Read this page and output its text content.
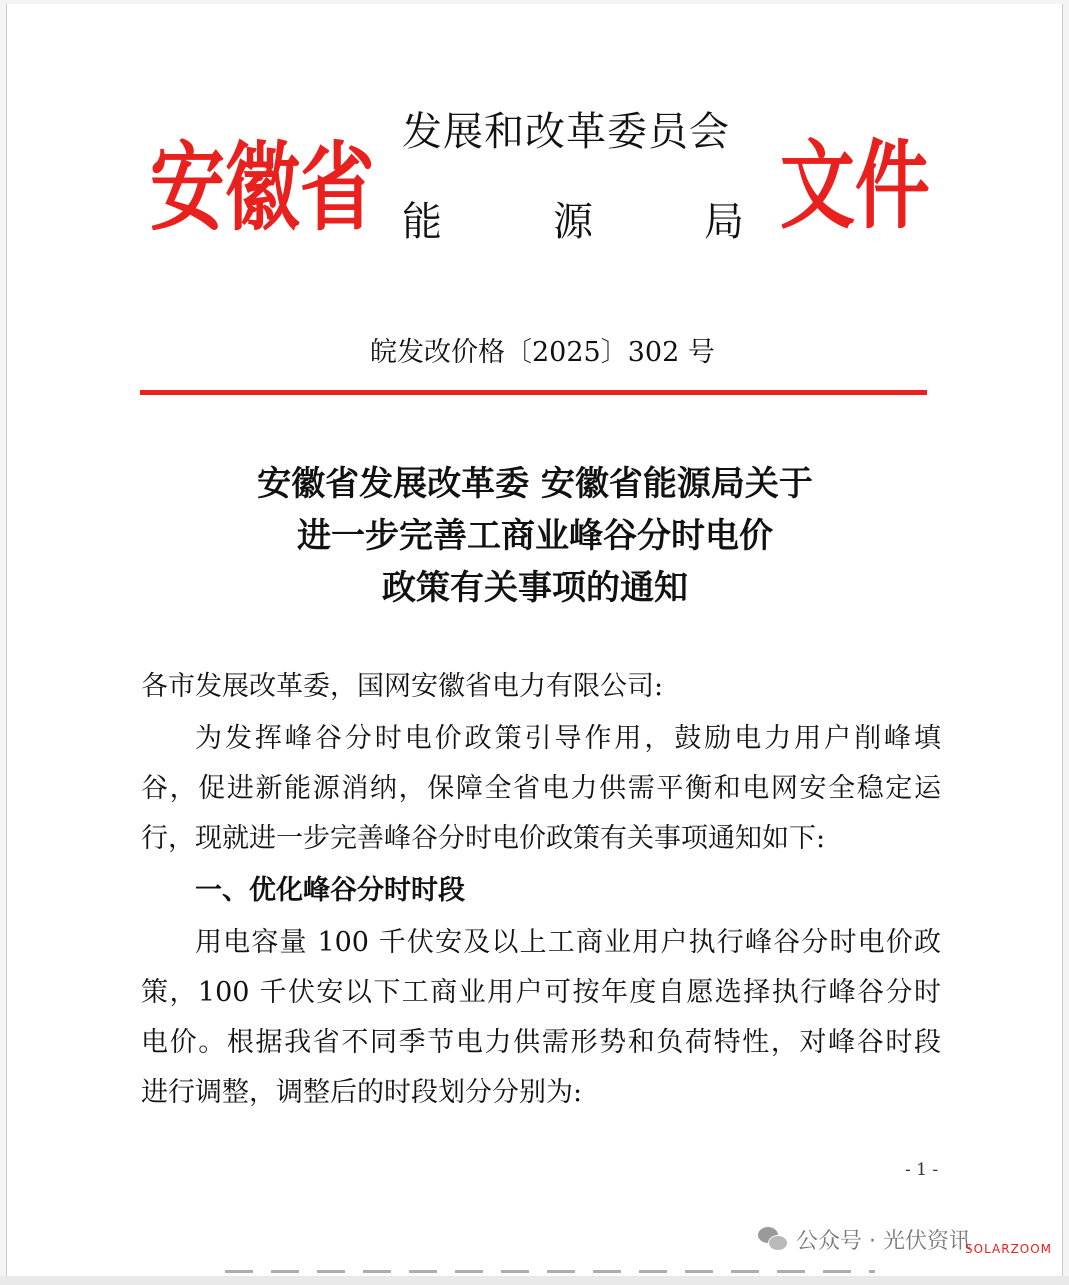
安徽省 发展和改革委员会
能	源	局 文件
皖发改价格〔2025〕302 号
安徽省发展改革委 安徽省能源局关于
进一步完善工商业峰谷分时电价
政策有关事项的通知
各市发展改革委，国网安徽省电力有限公司:
为发挥峰谷分时电价政策引导作用，鼓励电力用户削峰填
谷，促进新能源消纳，保障全省电力供需平衡和电网安全稳定运
行，现就进一步完善峰谷分时电价政策有关事项通知如下:
一、优化峰谷分时时段
用电容量 100 千伏安及以上工商业用户执行峰谷分时电价政
策，100 千伏安以下工商业用户可按年度自愿选择执行峰谷分时
电价。根据我省不同季节电力供需形势和负荷特性，对峰谷时段
进行调整，调整后的时段划分分别为:
- 1 -
公众号 · 光伏资讯
SOLARZOOM
